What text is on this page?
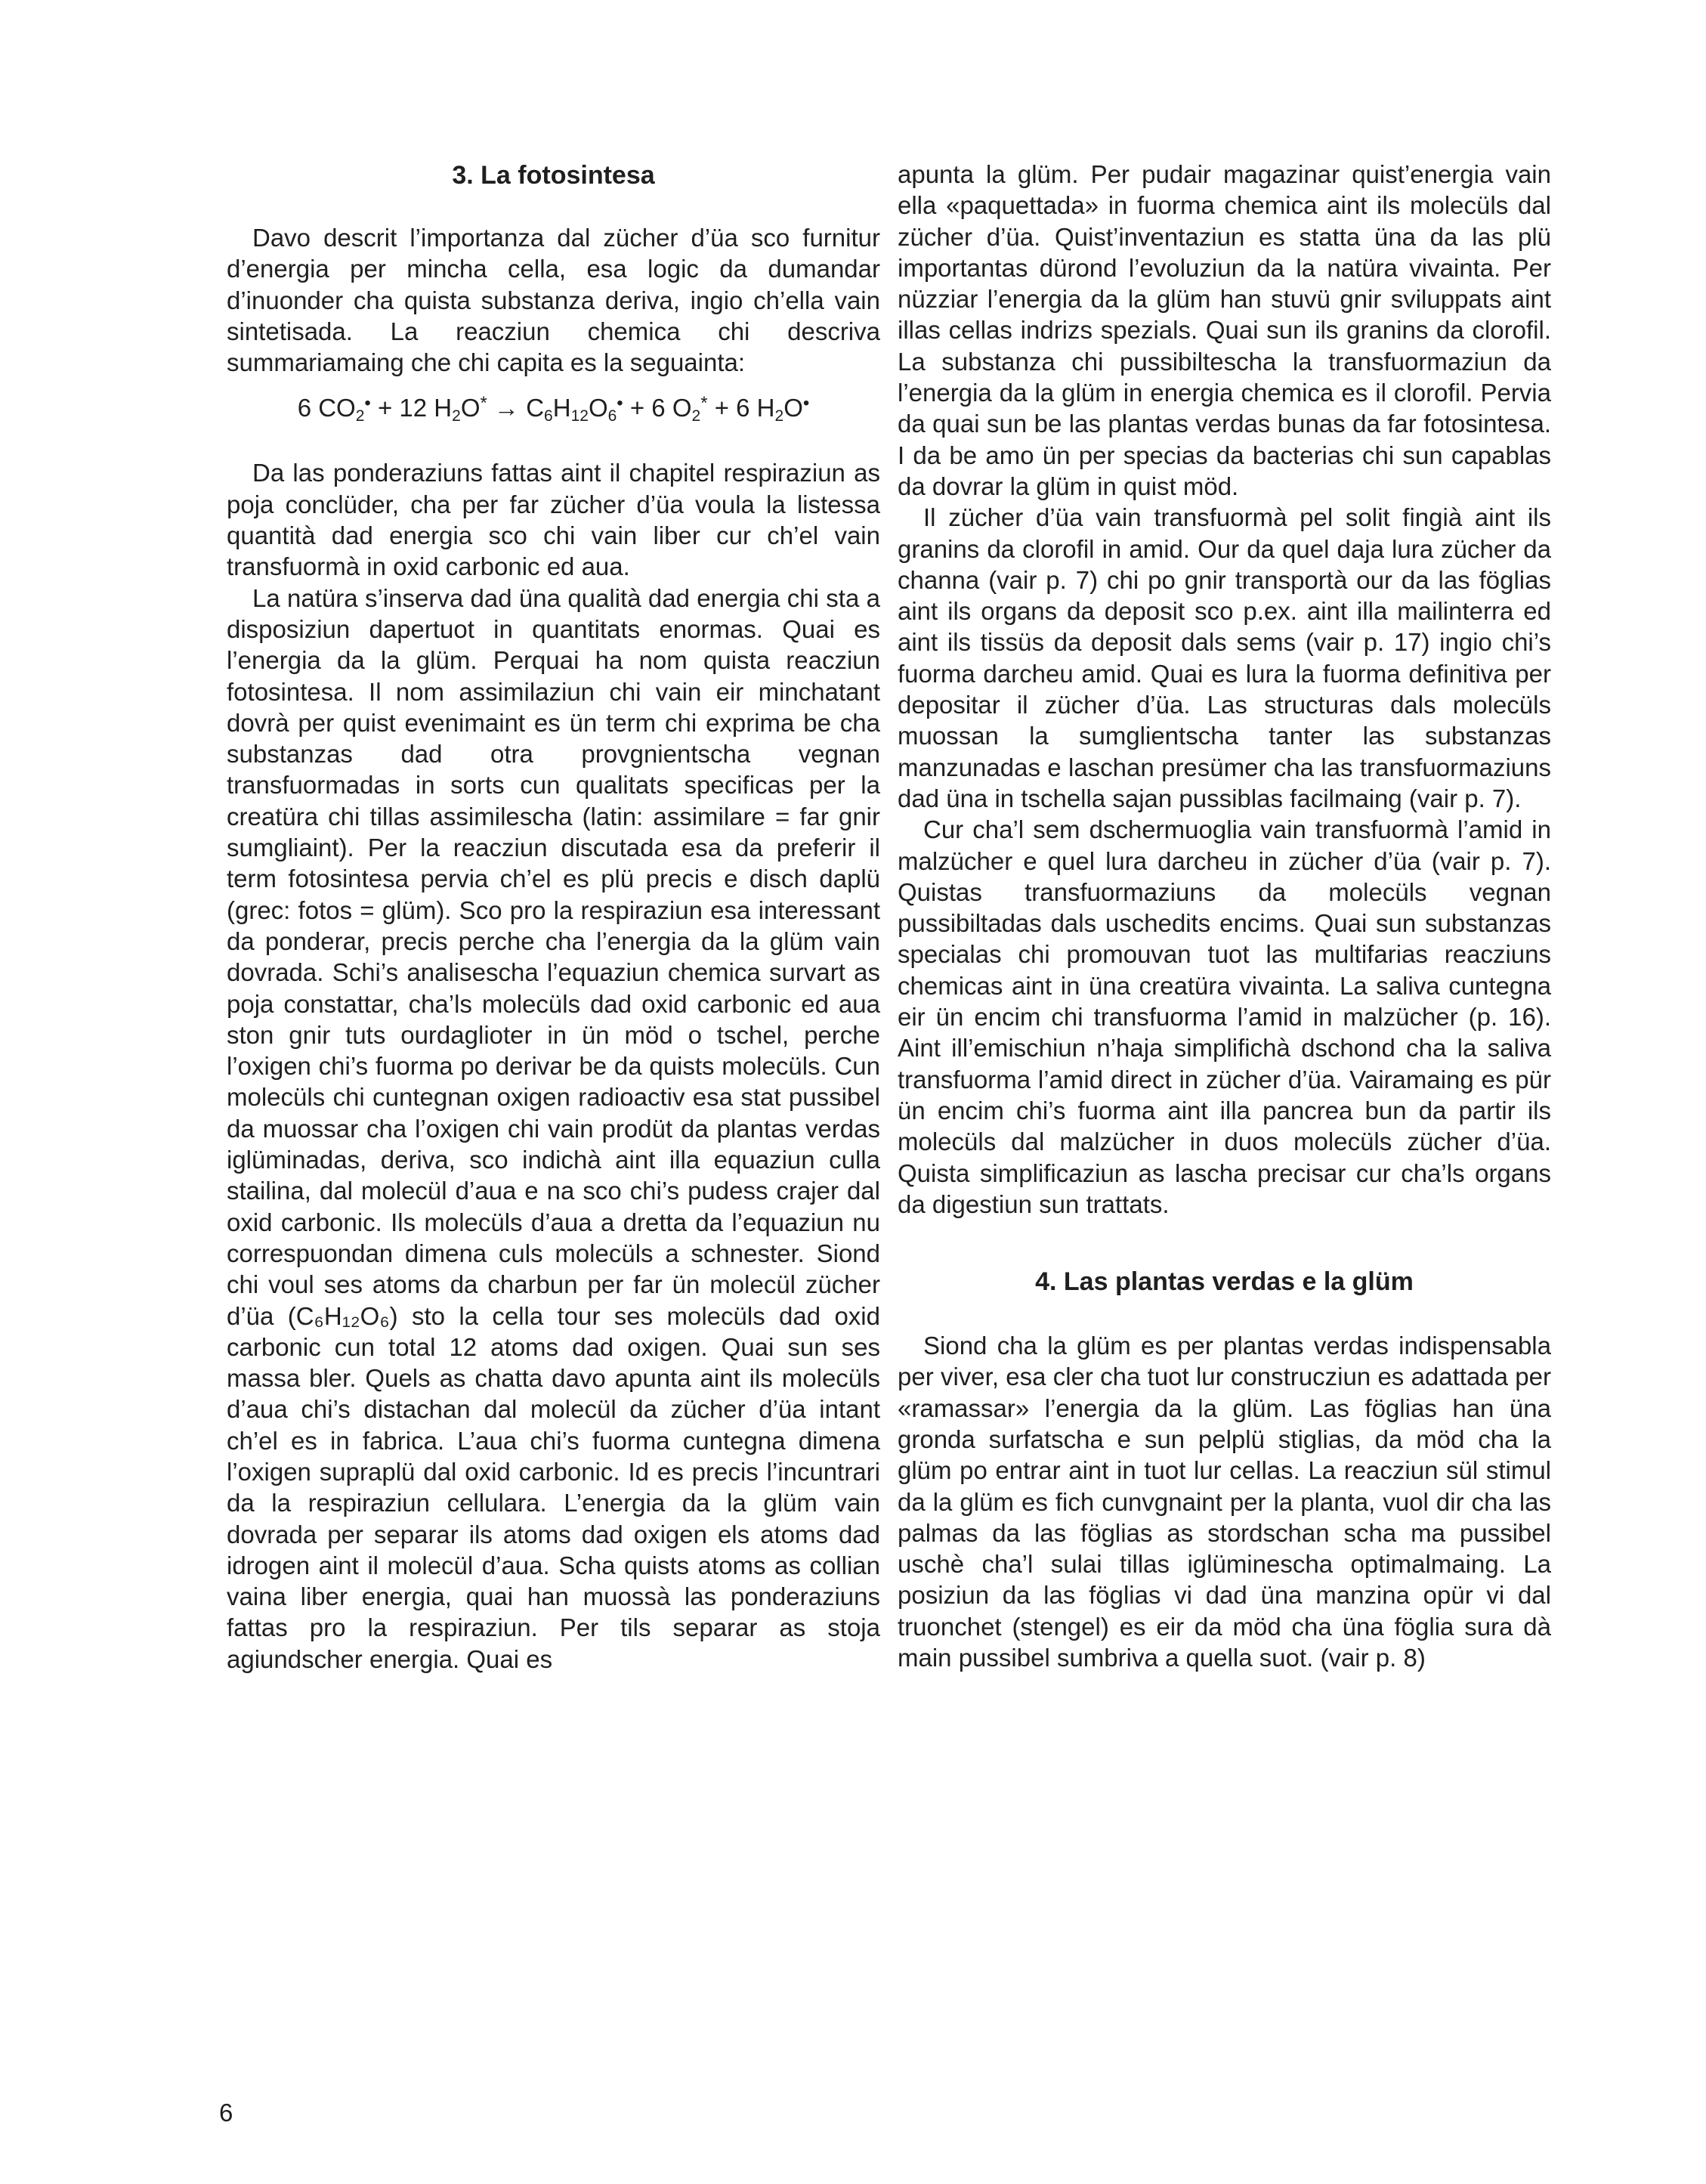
3. La fotosintesa

Davo descrit l’importanza dal zücher d’üa sco furnitur d’energia per mincha cella, esa logic da dumandar d’inuonder cha quista substanza deriva, ingio ch’ella vain sintetisada. La reacziun chemica chi descriva summariamaing che chi capita es la seguainta:

6 $CO_2^• + 12$ $H_2O^* \to C_6H_{12}O_6^• + 6$ $O_2^* + 6$ $H_2O^•$

Da las ponderaziuns fattas aint il chapitel respiraziun as poja conclüder, cha per far zücher d’üa voula la listessa quantità dad energia sco chi vain liber cur ch’el vain transfuormà in oxid carbonic ed aua.

La natüra s’inserva dad üna qualità dad energia chi sta a disposiziun dapertuot in quantitats enormas. Quai es l’energia da la glüm. Perquai ha nom quista reacziun fotosintesa. Il nom assimilaziun chi vain eir minchatant dovrà per quist evenimaint es ün term chi exprima be cha substanzas dad otra provgnientscha vegnan transfuormadas in sorts cun qualitats specificas per la creatüra chi tillas assimilescha (latin: assimilare = far gnir sumgliaint). Per la reacziun discutada esa da preferir il term fotosintesa pervia ch’el es plü precis e disch daplü (grec: fotos = glüm). Sco pro la respiraziun esa interessant da ponderar, precis perche cha l’energia da la glüm vain dovrada. Schi’s analisescha l’equaziun chemica survart as poja constattar, cha’ls molecüls dad oxid carbonic ed aua ston gnir tuts ourdaglioter in ün möd o tschel, perche l’oxigen chi’s fuorma po derivar be da quists molecüls. Cun molecüls chi cuntegnan oxigen radioactiv esa stat pussibel da muossar cha l’oxigen chi vain prodüt da plantas verdas iglüminadas, deriva, sco indichà aint illa equaziun culla stailina, dal molecül d’aua e na sco chi’s pudess crajer dal oxid carbonic. Ils molecüls d’aua a dretta da l’equaziun nu correspuondan dimena culs molecüls a schnester. Siond chi voul ses atoms da charbun per far ün molecül zücher d’üa (C₆H₁₂O₆) sto la cella tour ses molecüls dad oxid carbonic cun total 12 atoms dad oxigen. Quai sun ses massa bler. Quels as chatta davo apunta aint ils molecüls d’aua chi’s distachan dal molecül da zücher d’üa intant ch’el es in fabrica. L’aua chi’s fuorma cuntegna dimena l’oxigen supraplü dal oxid carbonic. Id es precis l’incuntrari da la respiraziun cellulara. L’energia da la glüm vain dovrada per separar ils atoms dad oxigen els atoms dad idrogen aint il molecül d’aua. Scha quists atoms as collian vaina liber energia, quai han muossà las ponderaziuns fattas pro la respiraziun. Per tils separar as stoja agiundscher energia. Quai es

apunta la glüm. Per pudair magazinar quist’energia vain ella «paquettada» in fuorma chemica aint ils molecüls dal zücher d’üa. Quist’inventaziun es statta üna da las plü importantas dürond l’evoluziun da la natüra vivainta. Per nüzziar l’energia da la glüm han stuvü gnir sviluppats aint illas cellas indrizs spezials. Quai sun ils granins da clorofil. La substanza chi pussibiltescha la transfuormaziun da l’energia da la glüm in energia chemica es il clorofil. Pervia da quai sun be las plantas verdas bunas da far fotosintesa. I da be amo ün per specias da bacterias chi sun capablas da dovrar la glüm in quist möd.

Il zücher d’üa vain transfuormà pel solit fingià aint ils granins da clorofil in amid. Our da quel daja lura zücher da channa (vair p. 7) chi po gnir transportà our da las föglias aint ils organs da deposit sco p.ex. aint illa mailinterra ed aint ils tissüs da deposit dals sems (vair p. 17) ingio chi’s fuorma darcheu amid. Quai es lura la fuorma definitiva per depositar il zücher d’üa. Las structuras dals molecüls muossan la sumglientscha tanter las substanzas manzunadas e laschan presümer cha las transfuormaziuns dad üna in tschella sajan pussiblas facilmaing (vair p. 7).

Cur cha’l sem dschermuoglia vain transfuormà l’amid in malzücher e quel lura darcheu in zücher d’üa (vair p. 7). Quistas transfuormaziuns da molecüls vegnan pussibiltadas dals uschedits encims. Quai sun substanzas specialas chi promouvan tuot las multifarias reacziuns chemicas aint in üna creatüra vivainta. La saliva cuntegna eir ün encim chi transfuorma l’amid in malzücher (p. 16). Aint ill’emischiun n’haja simplifichà dschond cha la saliva transfuorma l’amid direct in zücher d’üa. Vairamaing es pür ün encim chi’s fuorma aint illa pancrea bun da partir ils molecüls dal malzücher in duos molecüls zücher d’üa. Quista simplificaziun as lascha precisar cur cha’ls organs da digestiun sun trattats.

4. Las plantas verdas e la glüm

Siond cha la glüm es per plantas verdas indispensabla per viver, esa cler cha tuot lur construcziun es adattada per «ramassar» l’energia da la glüm. Las föglias han üna gronda surfatscha e sun pelplü stiglias, da möd cha la glüm po entrar aint in tuot lur cellas. La reacziun sül stimul da la glüm es fich cunvgnaint per la planta, vuol dir cha las palmas da las föglias as stordschan scha ma pussibel uschè cha’l sulai tillas iglüminescha optimalmaing. La posiziun da las föglias vi dad üna manzina opür vi dal truonchet (stengel) es eir da möd cha üna föglia sura dà main pussibel sumbriva a quella suot. (vair p. 8)

6
